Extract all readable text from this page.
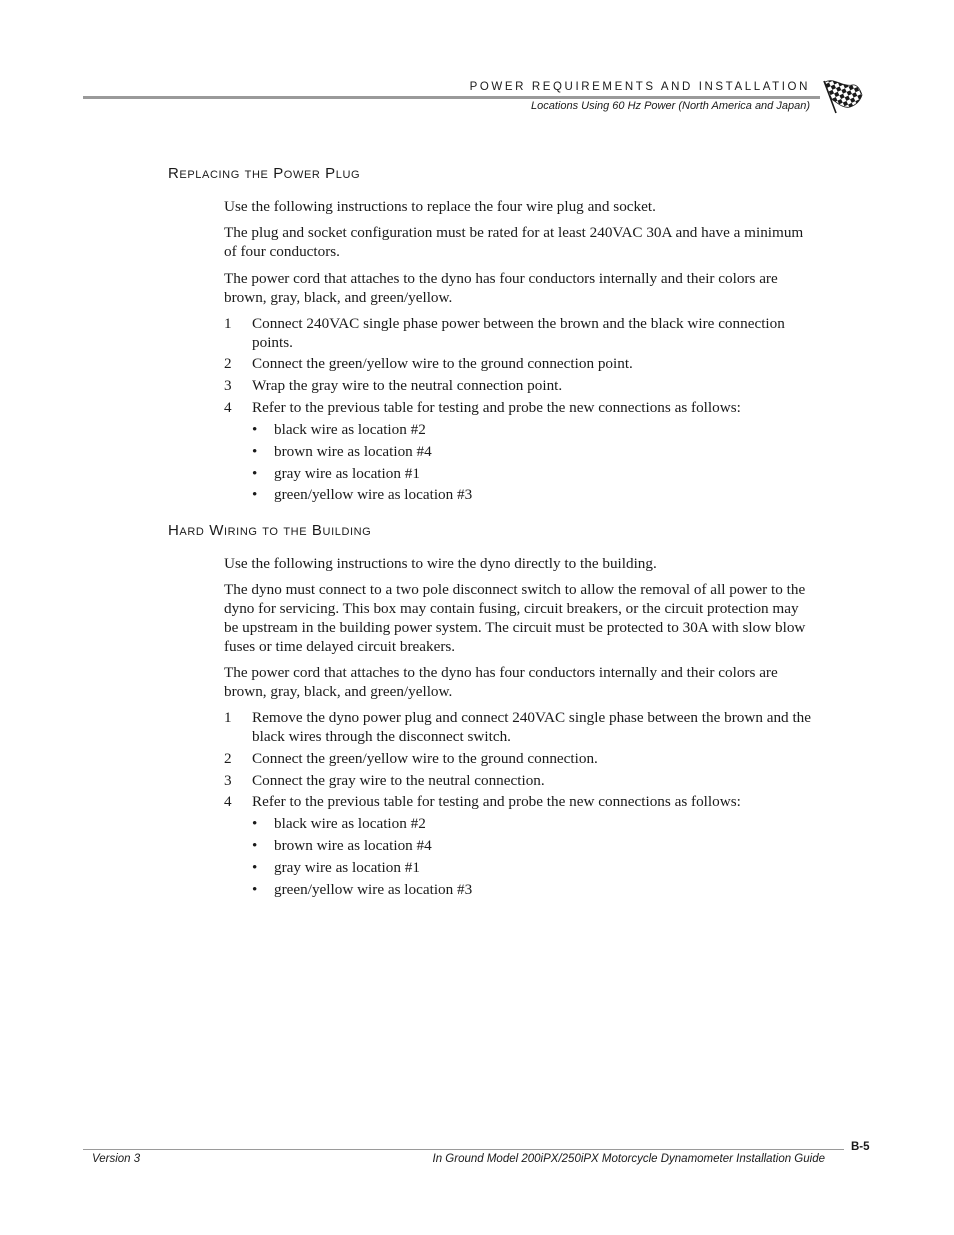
POWER REQUIREMENTS AND INSTALLATION
Locations Using 60 Hz Power (North America and Japan)
Replacing the Power Plug

Use the following instructions to replace the four wire plug and socket.

The plug and socket configuration must be rated for at least 240VAC 30A and have a minimum of four conductors.

The power cord that attaches to the dyno has four conductors internally and their colors are brown, gray, black, and green/yellow.

1 Connect 240VAC single phase power between the brown and the black wire connection points.
2 Connect the green/yellow wire to the ground connection point.
3 Wrap the gray wire to the neutral connection point.
4 Refer to the previous table for testing and probe the new connections as follows:
• black wire as location #2
• brown wire as location #4
• gray wire as location #1
• green/yellow wire as location #3
Hard Wiring to the Building

Use the following instructions to wire the dyno directly to the building.

The dyno must connect to a two pole disconnect switch to allow the removal of all power to the dyno for servicing. This box may contain fusing, circuit breakers, or the circuit protection may be upstream in the building power system. The circuit must be protected to 30A with slow blow fuses or time delayed circuit breakers.

The power cord that attaches to the dyno has four conductors internally and their colors are brown, gray, black, and green/yellow.

1 Remove the dyno power plug and connect 240VAC single phase between the brown and the black wires through the disconnect switch.
2 Connect the green/yellow wire to the ground connection.
3 Connect the gray wire to the neutral connection.
4 Refer to the previous table for testing and probe the new connections as follows:
• black wire as location #2
• brown wire as location #4
• gray wire as location #1
• green/yellow wire as location #3
B-5
Version 3	In Ground Model 200iPX/250iPX Motorcycle Dynamometer Installation Guide
